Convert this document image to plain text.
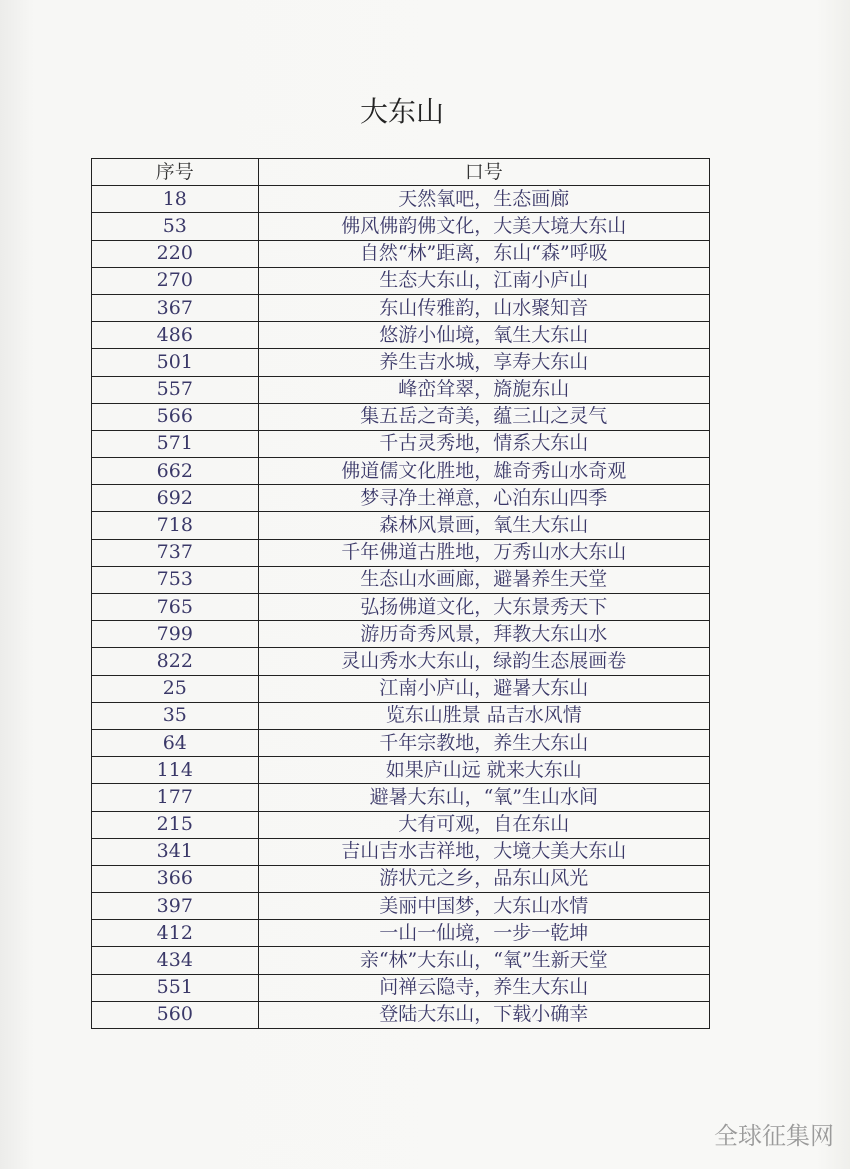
大东山
序号	口号
18	天然氧吧，生态画廊
53	佛风佛韵佛文化，大美大境大东山
220	自然“林”距离，东山“森”呼吸
270	生态大东山，江南小庐山
367	东山传雅韵，山水聚知音
486	悠游小仙境，氧生大东山
501	养生吉水城，享寿大东山
557	峰峦耸翠，旖旎东山
566	集五岳之奇美，蕴三山之灵气
571	千古灵秀地，情系大东山
662	佛道儒文化胜地，雄奇秀山水奇观
692	梦寻净土禅意，心泊东山四季
718	森林风景画，氧生大东山
737	千年佛道古胜地，万秀山水大东山
753	生态山水画廊，避暑养生天堂
765	弘扬佛道文化，大东景秀天下
799	游历奇秀风景，拜教大东山水
822	灵山秀水大东山，绿韵生态展画卷
25	江南小庐山，避暑大东山
35	览东山胜景 品吉水风情
64	千年宗教地，养生大东山
114	如果庐山远 就来大东山
177	避暑大东山，“氧”生山水间
215	大有可观，自在东山
341	吉山吉水吉祥地，大境大美大东山
366	游状元之乡，品东山风光
397	美丽中国梦，大东山水情
412	一山一仙境，一步一乾坤
434	亲“林”大东山，“氧”生新天堂
551	问禅云隐寺，养生大东山
560	登陆大东山，下载小确幸
全球征集网
